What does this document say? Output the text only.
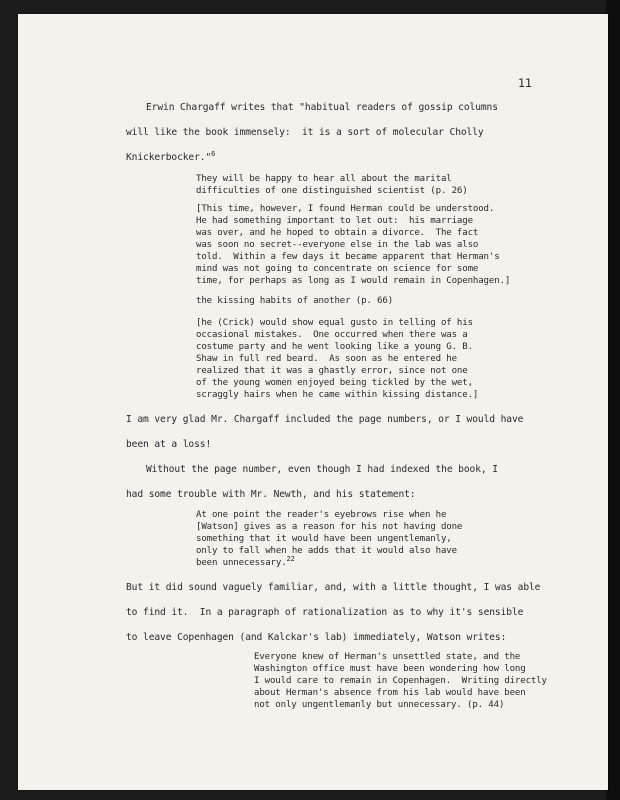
11
Erwin Chargaff writes that "habitual readers of gossip columns
will like the book immensely:  it is a sort of molecular Cholly
Knickerbocker."$^6$
They will be happy to hear all about the marital
difficulties of one distinguished scientist (p. 26)
[This time, however, I found Herman could be understood.
He had something important to let out:  his marriage
was over, and he hoped to obtain a divorce.  The fact
was soon no secret--everyone else in the lab was also
told.  Within a few days it became apparent that Herman's
mind was not going to concentrate on science for some
time, for perhaps as long as I would remain in Copenhagen.]
the kissing habits of another (p. 66)
[he (Crick) would show equal gusto in telling of his
occasional mistakes.  One occurred when there was a
costume party and he went looking like a young G. B.
Shaw in full red beard.  As soon as he entered he
realized that it was a ghastly error, since not one
of the young women enjoyed being tickled by the wet,
scraggly hairs when he came within kissing distance.]
I am very glad Mr. Chargaff included the page numbers, or I would have
been at a loss!
Without the page number, even though I had indexed the book, I
had some trouble with Mr. Newth, and his statement:
At one point the reader's eyebrows rise when he
[Watson] gives as a reason for his not having done
something that it would have been ungentlemanly,
only to fall when he adds that it would also have
been unnecessary.$^{22}$
But it did sound vaguely familiar, and, with a little thought, I was able
to find it.  In a paragraph of rationalization as to why it's sensible
to leave Copenhagen (and Kalckar's lab) immediately, Watson writes:
Everyone knew of Herman's unsettled state, and the
Washington office must have been wondering how long
I would care to remain in Copenhagen.  Writing directly
about Herman's absence from his lab would have been
not only ungentlemanly but unnecessary. (p. 44)
